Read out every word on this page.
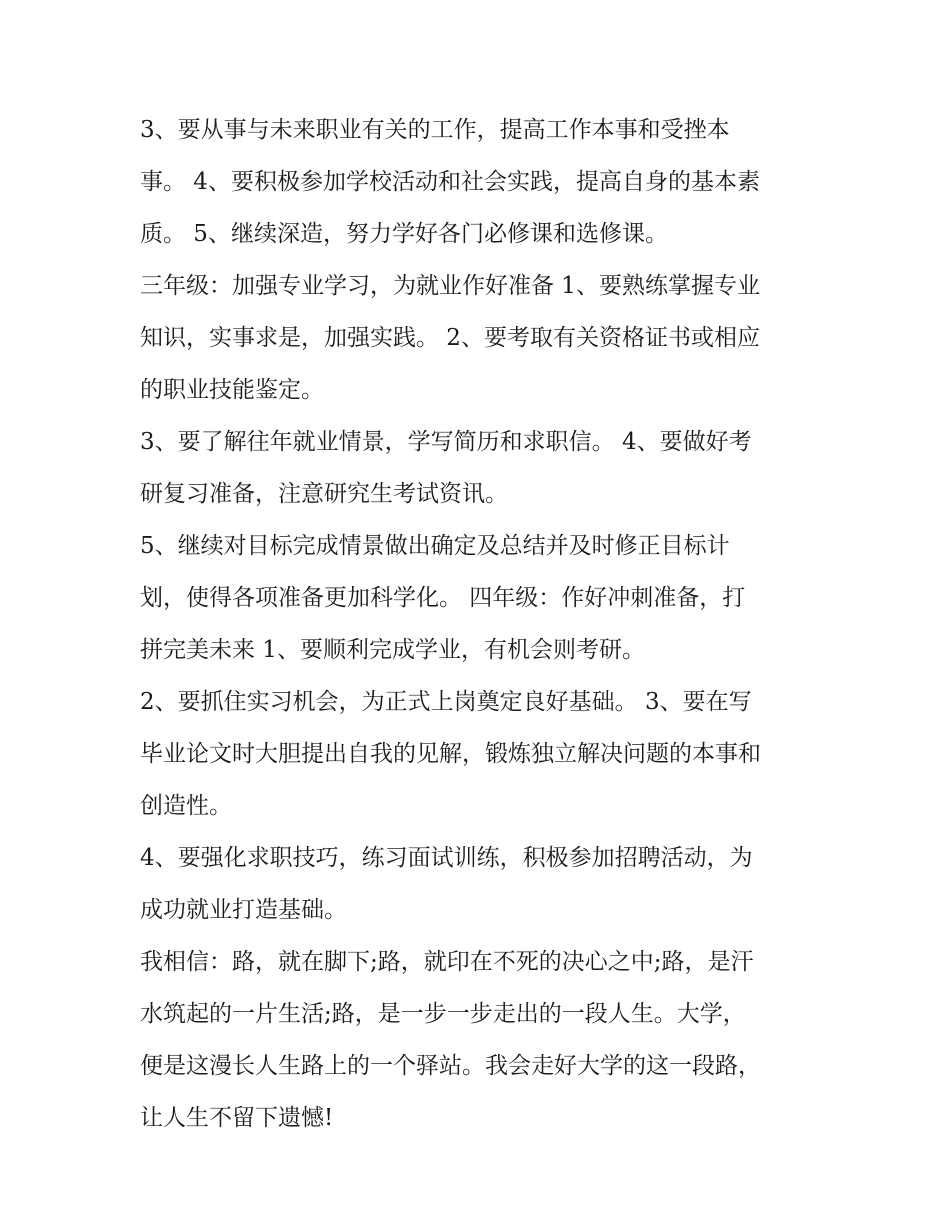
3、要从事与未来职业有关的工作，提高工作本事和受挫本
事。 4、要积极参加学校活动和社会实践，提高自身的基本素
质。 5、继续深造，努力学好各门必修课和选修课。
三年级：加强专业学习，为就业作好准备 1、要熟练掌握专业
知识，实事求是，加强实践。 2、要考取有关资格证书或相应
的职业技能鉴定。
3、要了解往年就业情景，学写简历和求职信。 4、要做好考
研复习准备，注意研究生考试资讯。
5、继续对目标完成情景做出确定及总结并及时修正目标计
划，使得各项准备更加科学化。 四年级：作好冲刺准备，打
拼完美未来 1、要顺利完成学业，有机会则考研。
2、要抓住实习机会，为正式上岗奠定良好基础。 3、要在写
毕业论文时大胆提出自我的见解，锻炼独立解决问题的本事和
创造性。
4、要强化求职技巧，练习面试训练，积极参加招聘活动，为
成功就业打造基础。
我相信：路，就在脚下;路，就印在不死的决心之中;路，是汗
水筑起的一片生活;路，是一步一步走出的一段人生。大学，
便是这漫长人生路上的一个驿站。我会走好大学的这一段路，
让人生不留下遗憾!
